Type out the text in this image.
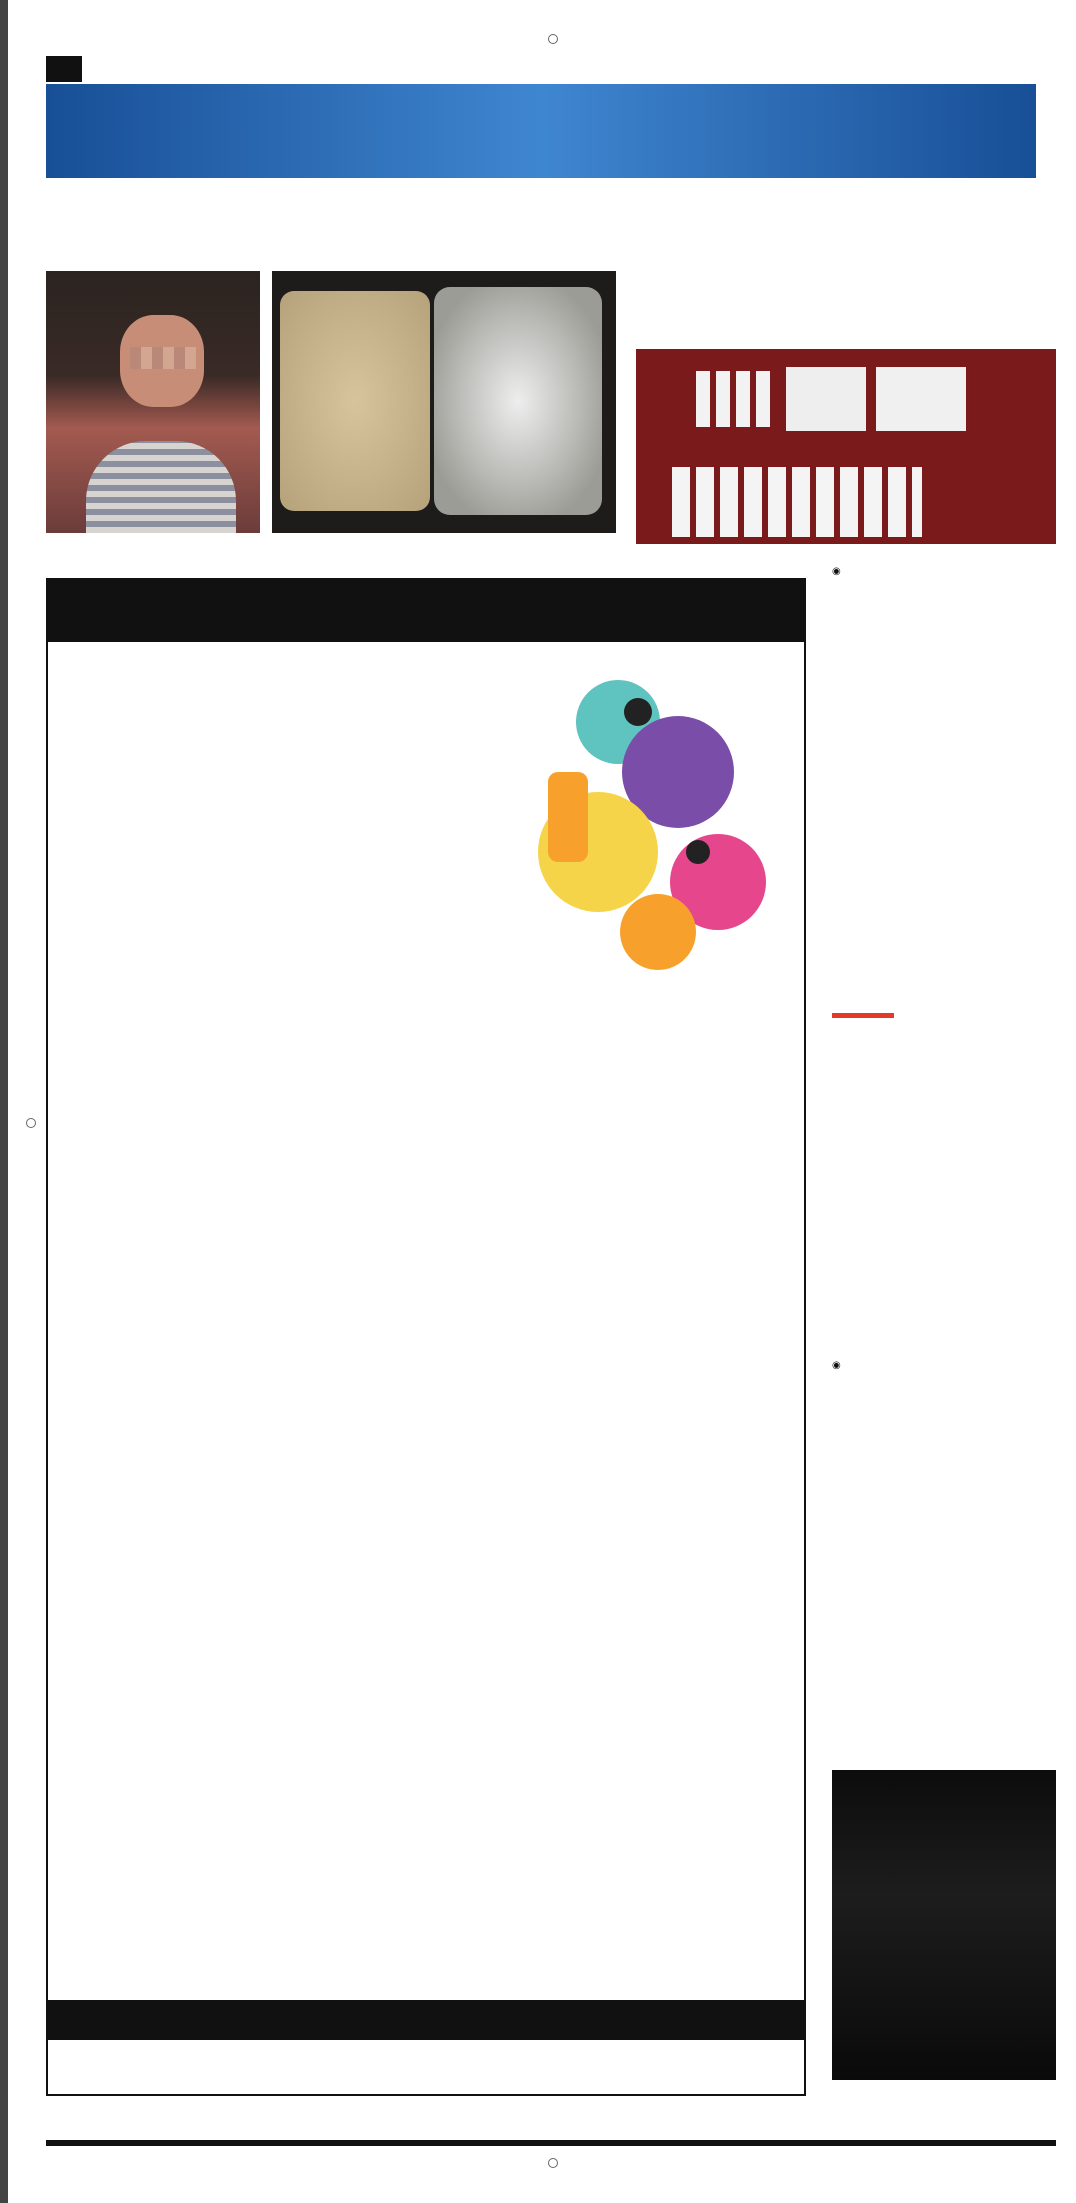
◉
◉
